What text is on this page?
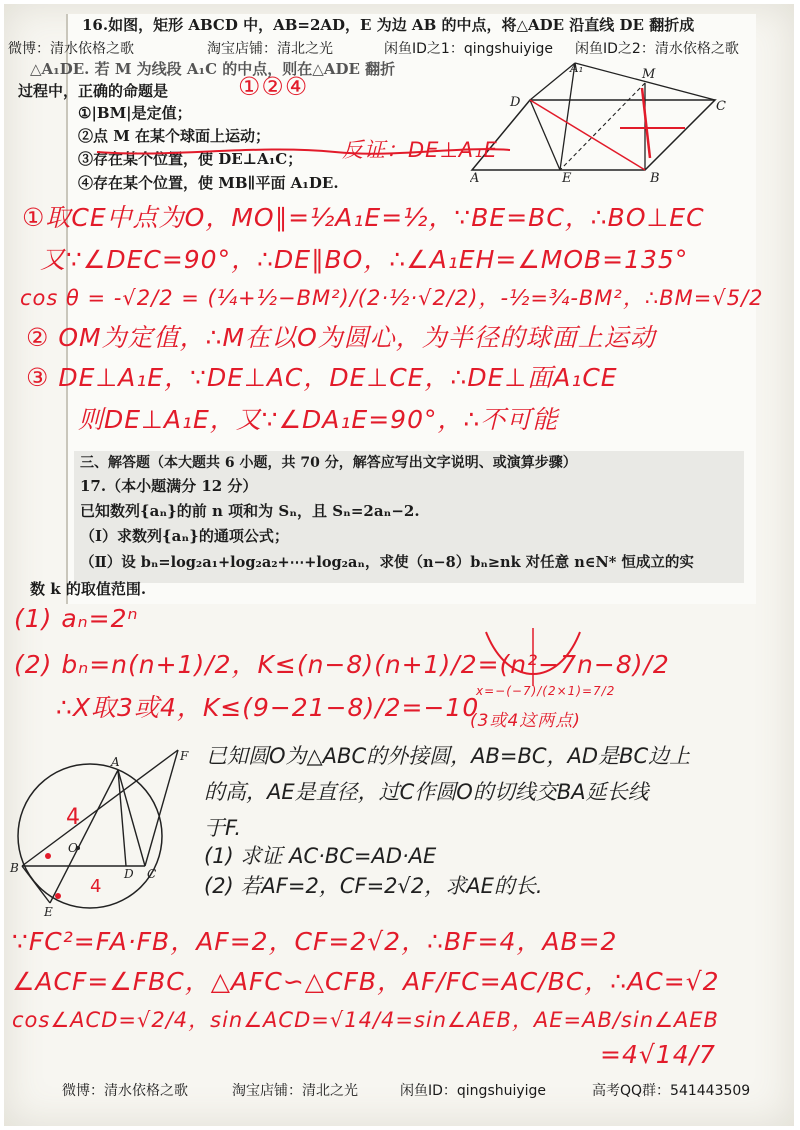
微博：清水依格之歌	淘宝店铺：清北之光	闲鱼ID之1：qingshuiyige 闲鱼ID之2：清水依格之歌
16.如图，矩形 ABCD 中，AB=2AD，E 为边 AB 的中点，将△ADE 沿直线 DE 翻折成
△A₁DE. 若 M 为线段 A₁C 的中点，则在△ADE 翻折
过程中，正确的命题是
①|BM|是定值；
②点 M 在某个球面上运动；
③存在某个位置，使 DE⊥A₁C；
④存在某个位置，使 MB∥平面 A₁DE.
D	C
A	E	B
M
A₁
①②④
反证：DE⊥A₁E
①取CE中点为O，MO∥=½A₁E=½，∵BE=BC，∴BO⊥EC
又∵∠DEC=90°，∴DE∥BO，∴∠A₁EH=∠MOB=135°
cos θ = -√2/2 = (¼+½−BM²)/(2·½·√2/2)，-½=¾-BM²，∴BM=√5/2
② OM为定值，∴M在以O为圆心，为半径的球面上运动
③ DE⊥A₁E，∵DE⊥AC，DE⊥CE，∴DE⊥面A₁CE
则DE⊥A₁E，又∵∠DA₁E=90°，∴不可能
三、解答题（本大题共 6 小题，共 70 分，解答应写出文字说明、或演算步骤）
17.（本小题满分 12 分）
已知数列{aₙ}的前 n 项和为 Sₙ，且 Sₙ=2aₙ−2.
（Ⅰ）求数列{aₙ}的通项公式；
（Ⅱ）设 bₙ=log₂a₁+log₂a₂+⋯+log₂aₙ，求使（n−8）bₙ≥nk 对任意 n∈N* 恒成立的实
数 k 的取值范围.
(1) aₙ=2ⁿ
(2) bₙ=n(n+1)/2，K≤(n−8)(n+1)/2=(n²−7n−8)/2
∴X取3或4，K≤(9−21−8)/2=−10
(3或4这两点)
x=−(−7)/(2×1)=7/2
已知圆O为△ABC的外接圆，AB=BC，AD是BC边上
的高，AE是直径，过C作圆O的切线交BA延长线
于F.
(1) 求证 AC·BC=AD·AE
(2) 若AF=2，CF=2√2，求AE的长.
F
A
O
B	D C
E
4
4
∵FC²=FA·FB，AF=2，CF=2√2，∴BF=4，AB=2
∠ACF=∠FBC，△AFC∽△CFB，AF/FC=AC/BC，∴AC=√2
cos∠ACD=√2/4，sin∠ACD=√14/4=sin∠AEB，AE=AB/sin∠AEB
=4√14/7
微博：清水依格之歌	淘宝店铺：清北之光	闲鱼ID：qingshuiyige	高考QQ群：541443509
